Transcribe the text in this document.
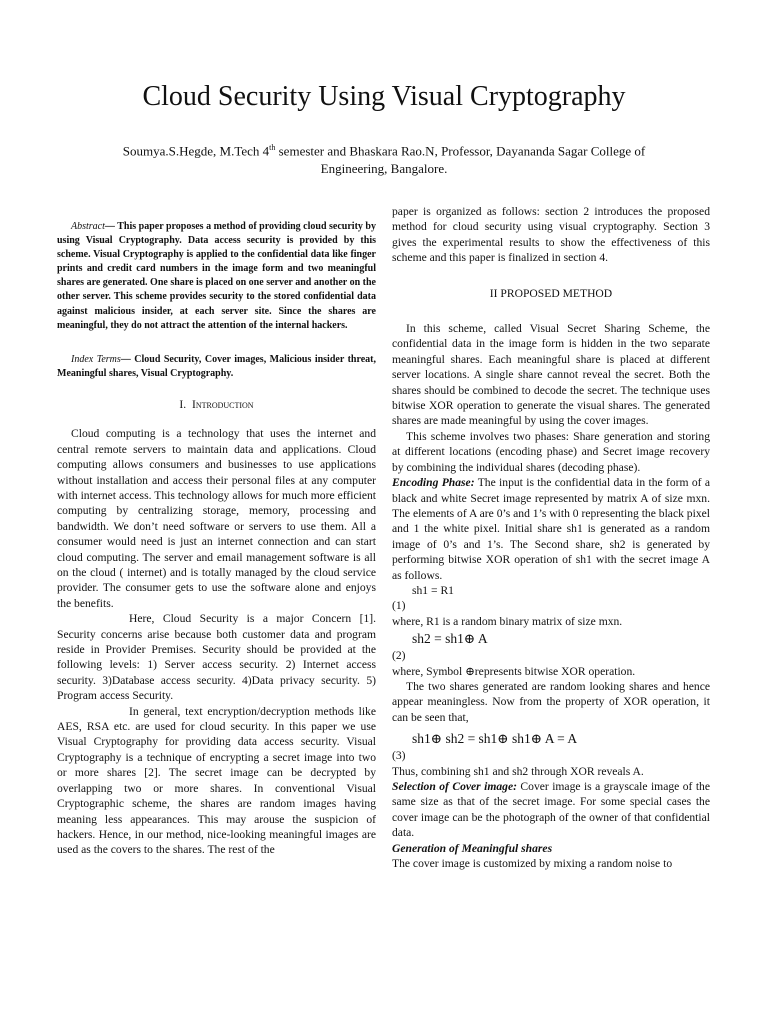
Cloud Security Using Visual Cryptography
Soumya.S.Hegde, M.Tech 4th semester and Bhaskara Rao.N, Professor, Dayananda Sagar College of
Engineering, Bangalore.

Abstract— This paper proposes a method of providing cloud security by using Visual Cryptography. Data access security is provided by this scheme. Visual Cryptography is applied to the confidential data like finger prints and credit card numbers in the image form and two meaningful shares are generated. One share is placed on one server and another on the other server. This scheme provides security to the stored confidential data against malicious insider, at each server site. Since the shares are meaningful, they do not attract the attention of the internal hackers.

Index Terms— Cloud Security, Cover images, Malicious insider threat, Meaningful shares, Visual Cryptography.

I. Introduction

Cloud computing is a technology that uses the internet and central remote servers to maintain data and applications. Cloud computing allows consumers and businesses to use applications without installation and access their personal files at any computer with internet access. This technology allows for much more efficient computing by centralizing storage, memory, processing and bandwidth. We don’t need software or servers to use them. All a consumer would need is just an internet connection and can start cloud computing. The server and email management software is all on the cloud ( internet) and is totally managed by the cloud service provider. The consumer gets to use the software alone and enjoys the benefits.

Here, Cloud Security is a major Concern [1]. Security concerns arise because both customer data and program reside in Provider Premises. Security should be provided at the following levels: 1) Server access security. 2) Internet access security. 3)Database access security. 4)Data privacy security. 5) Program access Security.

In general, text encryption/decryption methods like AES, RSA etc. are used for cloud security. In this paper we use Visual Cryptography for providing data access security. Visual Cryptography is a technique of encrypting a secret image into two or more shares [2]. The secret image can be decrypted by overlapping two or more shares. In conventional Visual Cryptographic scheme, the shares are random images having meaning less appearances. This may arouse the suspicion of hackers. Hence, in our method, nice-looking meaningful images are used as the covers to the shares. The rest of the

paper is organized as follows: section 2 introduces the proposed method for cloud security using visual cryptography. Section 3 gives the experimental results to show the effectiveness of this scheme and this paper is finalized in section 4.

II PROPOSED METHOD

In this scheme, called Visual Secret Sharing Scheme, the confidential data in the image form is hidden in the two separate meaningful shares. Each meaningful share is placed at different server locations. A single share cannot reveal the secret. Both the shares should be combined to decode the secret. The technique uses bitwise XOR operation to generate the visual shares. The generated shares are made meaningful by using the cover images.

This scheme involves two phases: Share generation and storing at different locations (encoding phase) and Secret image recovery by combining the individual shares (decoding phase).

Encoding Phase: The input is the confidential data in the form of a black and white Secret image represented by matrix A of size mxn. The elements of A are 0’s and 1’s with 0 representing the black pixel and 1 the white pixel. Initial share sh1 is generated as a random image of 0’s and 1’s. The Second share, sh2 is generated by performing bitwise XOR operation of sh1 with the secret image A as follows.

sh1 = R1

(1)

where, R1 is a random binary matrix of size mxn.

sh2 = sh1⊕ A

(2)

where, Symbol ⊕represents bitwise XOR operation.

The two shares generated are random looking shares and hence appear meaningless. Now from the property of XOR operation, it can be seen that,

sh1⊕ sh2 = sh1⊕ sh1⊕ A = A

(3)

Thus, combining sh1 and sh2 through XOR reveals A.

Selection of Cover image: Cover image is a grayscale image of the same size as that of the secret image. For some special cases the cover image can be the photograph of the owner of that confidential data.

Generation of Meaningful shares

The cover image is customized by mixing a random noise to
